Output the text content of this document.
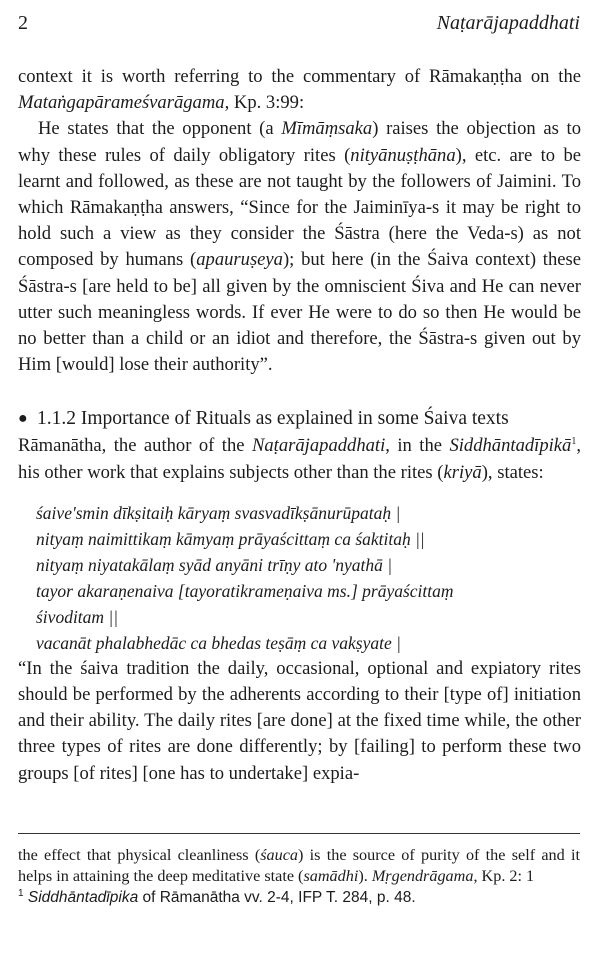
2	Naṭarājapaddhati

context it is worth referring to the commentary of Rāmakaṇṭha on the Mataṅgapārameśvarāgama, Kp. 3:99:

He states that the opponent (a Mīmāṃsaka) raises the objection as to why these rules of daily obligatory rites (nityānuṣṭhāna), etc. are to be learnt and followed, as these are not taught by the followers of Jaimini. To which Rāmakaṇṭha answers, “Since for the Jaiminīya-s it may be right to hold such a view as they consider the Śāstra (here the Veda-s) as not composed by humans (apauruṣeya); but here (in the Śaiva context) these Śāstra-s [are held to be] all given by the omniscient Śiva and He can never utter such meaningless words. If ever He were to do so then He would be no better than a child or an idiot and therefore, the Śāstra-s given out by Him [would] lose their authority”.

● 1.1.2 Importance of Rituals as explained in some Śaiva texts

Rāmanātha, the author of the Naṭarājapaddhati, in the Siddhāntadīpikā$^1$, his other work that explains subjects other than the rites (kriyā), states:

śaive'smin dīkṣitaiḥ kāryaṃ svasvadīkṣānurūpataḥ |
nityaṃ naimittikaṃ kāmyaṃ prāyaścittaṃ ca śaktitaḥ ||
nityaṃ niyatakālaṃ syād anyāni trīṇy ato 'nyathā |
tayor akaraṇenaiva [tayoratikrameṇaiva ms.] prāyaścittaṃ
śivoditam ||
vacanāt phalabhedāc ca bhedas teṣāṃ ca vakṣyate |

“In the śaiva tradition the daily, occasional, optional and expiatory rites should be performed by the adherents according to their [type of] initiation and their ability. The daily rites [are done] at the fixed time while, the other three types of rites are done differently; by [failing] to perform these two groups [of rites] [one has to undertake] expia-

the effect that physical cleanliness (śauca) is the source of purity of the self and it helps in attaining the deep meditative state (samādhi). Mṛgendrāgama, Kp. 2: 1

$^1$ Siddhāntadīpika of Rāmanātha vv. 2-4, IFP T. 284, p. 48.
